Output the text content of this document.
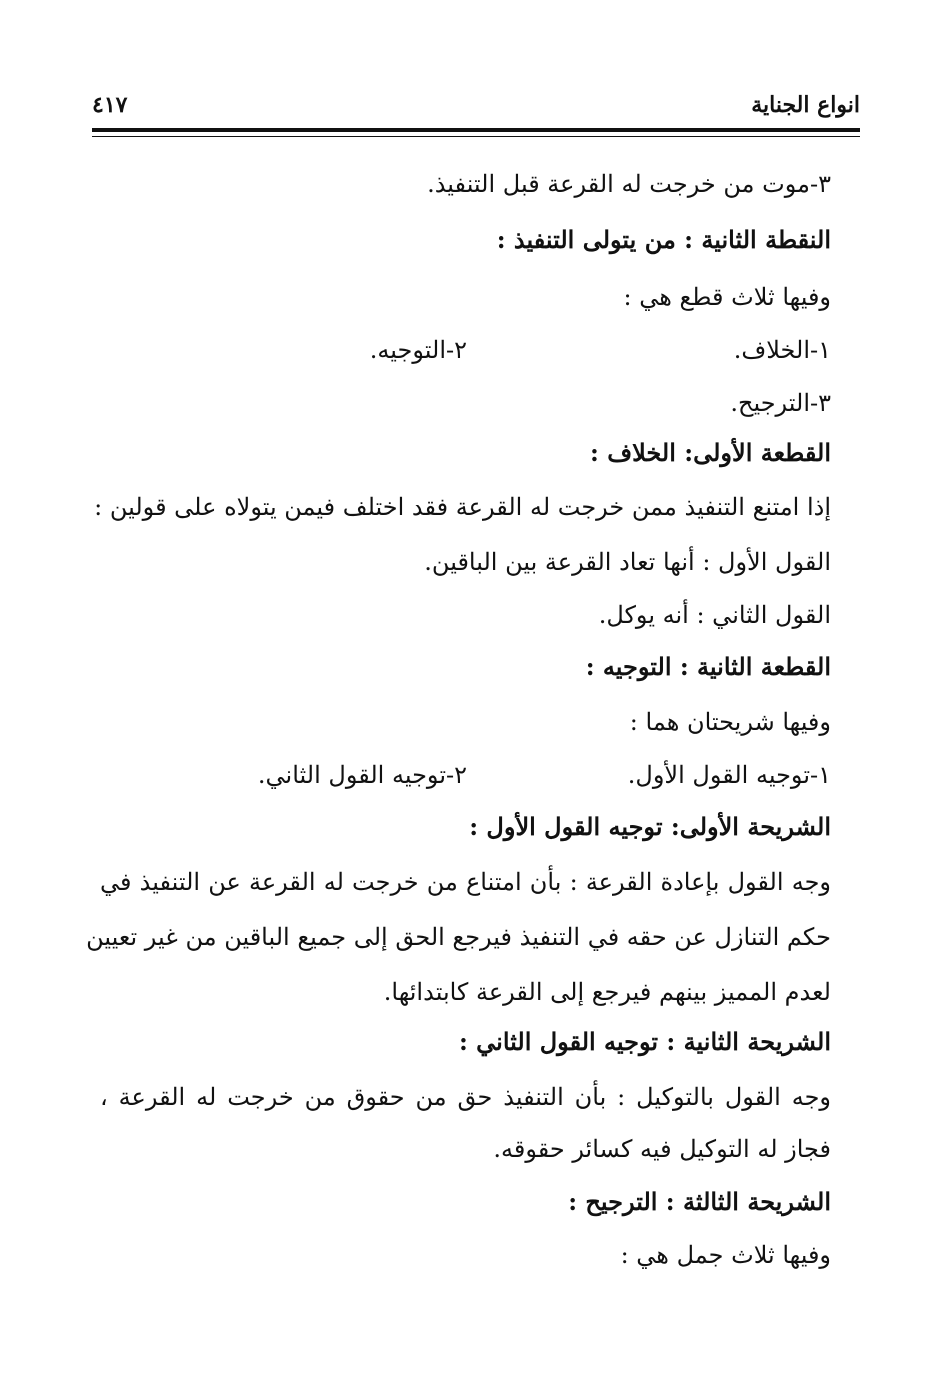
انواع الجناية
٤١٧
٣-موت من خرجت له القرعة قبل التنفيذ.
النقطة الثانية : من يتولى التنفيذ :
وفيها ثلاث قطع هي :
١-الخلاف.
٢-التوجيه.
٣-الترجيح.
القطعة الأولى: الخلاف :
إذا امتنع التنفيذ ممن خرجت له القرعة فقد اختلف فيمن يتولاه على قولين :
القول الأول : أنها تعاد القرعة بين الباقين.
القول الثاني : أنه يوكل.
القطعة الثانية : التوجيه :
وفيها شريحتان هما :
١-توجيه القول الأول.
٢-توجيه القول الثاني.
الشريحة الأولى: توجيه القول الأول :
وجه القول بإعادة القرعة : بأن امتناع من خرجت له القرعة عن التنفيذ في
حكم التنازل عن حقه في التنفيذ فيرجع الحق إلى جميع الباقين من غير تعيين
لعدم المميز بينهم فيرجع إلى القرعة كابتدائها.
الشريحة الثانية : توجيه القول الثاني :
وجه القول بالتوكيل : بأن التنفيذ حق من حقوق من خرجت له القرعة ،
فجاز له التوكيل فيه كسائر حقوقه.
الشريحة الثالثة : الترجيح :
وفيها ثلاث جمل هي :
